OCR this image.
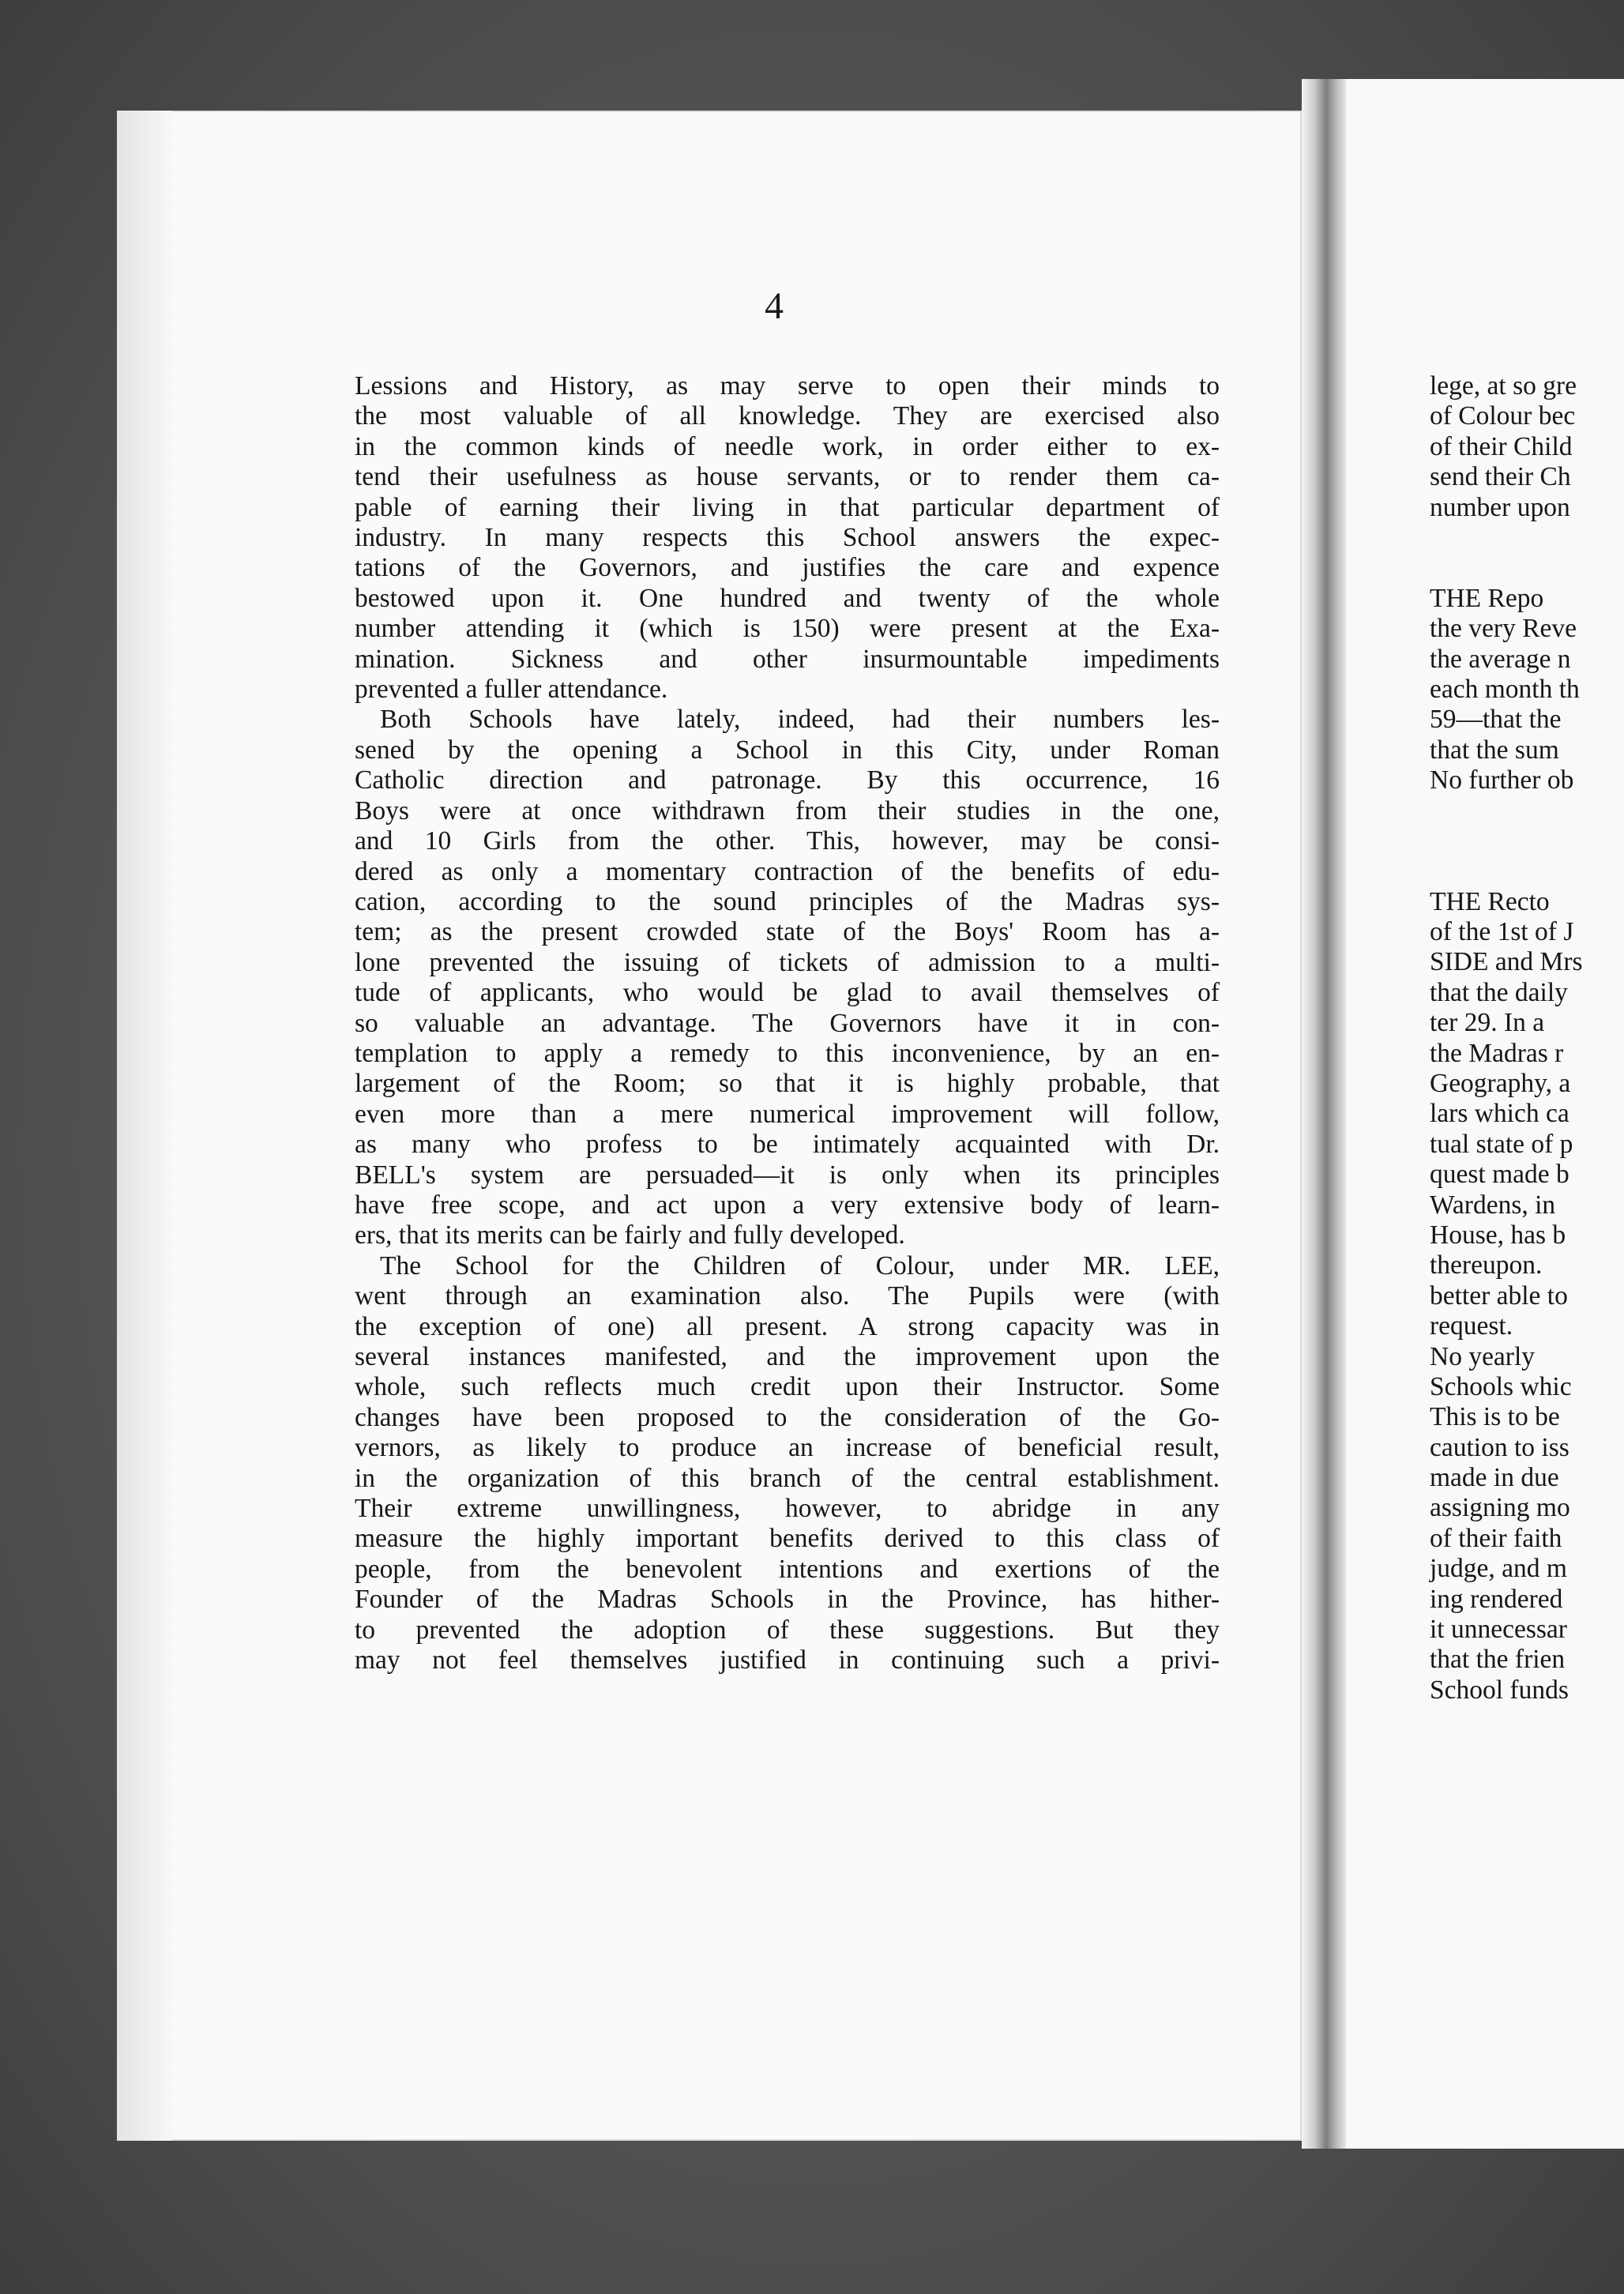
lege, at so gre
of Colour bec
of their Child
send their Ch
number upon
THE Repo
the very Reve
the average n
each month th
59—that the
that the sum
No further ob
THE Recto
of the 1st of J
SIDE and Mrs
that the daily
ter 29. In a
the Madras r
Geography, a
lars which ca
tual state of p
quest made b
Wardens, in
House, has b
thereupon.
better able to
request.
No yearly
Schools whic
This is to be
caution to iss
made in due
assigning mo
of their faith
judge, and m
ing rendered
it unnecessar
that the frien
School funds

4

Lessions and History, as may serve to open their minds to
the most valuable of all knowledge. They are exercised also
in the common kinds of needle work, in order either to ex-
tend their usefulness as house servants, or to render them ca-
pable of earning their living in that particular department of
industry. In many respects this School answers the expec-
tations of the Governors, and justifies the care and expence
bestowed upon it. One hundred and twenty of the whole
number attending it (which is 150) were present at the Exa-
mination. Sickness and other insurmountable impediments
prevented a fuller attendance.
Both Schools have lately, indeed, had their numbers les-
sened by the opening a School in this City, under Roman
Catholic direction and patronage. By this occurrence, 16
Boys were at once withdrawn from their studies in the one,
and 10 Girls from the other. This, however, may be consi-
dered as only a momentary contraction of the benefits of edu-
cation, according to the sound principles of the Madras sys-
tem; as the present crowded state of the Boys' Room has a-
lone prevented the issuing of tickets of admission to a multi-
tude of applicants, who would be glad to avail themselves of
so valuable an advantage. The Governors have it in con-
templation to apply a remedy to this inconvenience, by an en-
largement of the Room; so that it is highly probable, that
even more than a mere numerical improvement will follow,
as many who profess to be intimately acquainted with Dr.
BELL's system are persuaded—it is only when its principles
have free scope, and act upon a very extensive body of learn-
ers, that its merits can be fairly and fully developed.
The School for the Children of Colour, under MR. LEE,
went through an examination also. The Pupils were (with
the exception of one) all present. A strong capacity was in
several instances manifested, and the improvement upon the
whole, such reflects much credit upon their Instructor. Some
changes have been proposed to the consideration of the Go-
vernors, as likely to produce an increase of beneficial result,
in the organization of this branch of the central establishment.
Their extreme unwillingness, however, to abridge in any
measure the highly important benefits derived to this class of
people, from the benevolent intentions and exertions of the
Founder of the Madras Schools in the Province, has hither-
to prevented the adoption of these suggestions. But they
may not feel themselves justified in continuing such a privi-
